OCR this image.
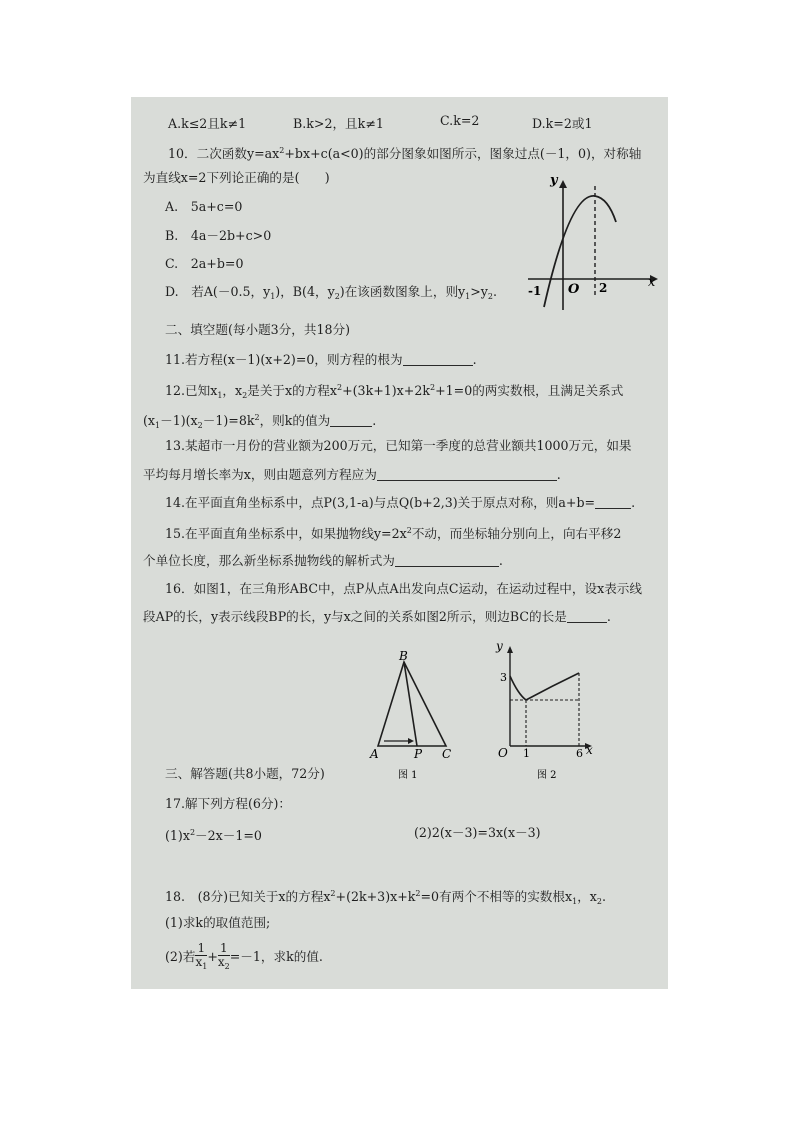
A.k≤2且k≠1	B.k>2，且k≠1	C.k=2	D.k=2或1
10．二次函数$y=ax^2+bx+c(a<0)$的部分图象如图所示，图象过点(－1，0)，对称轴
为直线x=2下列论正确的是(　　)
A.　5a+c=0
B.　4a－2b+c>0
C.　2a+b=0
D.　若A(－0.5，$y_1$)，B(4，$y_2$)在该函数图象上，则$y_1>y_2$.
y
x
O
-1	2
二、填空题(每小题3分，共18分)
11.若方程(x－1)(x+2)=0，则方程的根为	.
12.已知$x_1$，$x_2$是关于x的方程$x^2+(3k+1)x+2k^2+1=0$的两实数根，且满足关系式
$(x_1-1)(x_2-1)=8k^2$，则k的值为	.
13.某超市一月份的营业额为200万元，已知第一季度的总营业额共1000万元，如果
平均每月增长率为x，则由题意列方程应为	.
14.在平面直角坐标系中，点P(3,1-a)与点Q(b+2,3)关于原点对称，则a+b=	.
15.在平面直角坐标系中，如果抛物线$y=2x^2$不动，而坐标轴分别向上，向右平移2
个单位长度，那么新坐标系抛物线的解析式为	.
16．如图1，在三角形ABC中，点P从点A出发向点C运动，在运动过程中，设x表示线
段AP的长，y表示线段BP的长，y与x之间的关系如图2所示，则边BC的长是	.
B
A	P C
图 1
y
x
O
3
1	6
图 2
三、解答题(共8小题，72分)
17.解下列方程(6分)：
$(1)x^2-2x-1=0$	(2)2(x－3)=3x(x－3)
18.　(8分)已知关于x的方程$x^2+(2k+3)x+k^2=0$有两个不相等的实数根$x_1$，$x_2$.
(1)求k的取值范围;
(2)若 $\frac{1}{x_1} + \frac{1}{x_2} =-1$，求k的值.
